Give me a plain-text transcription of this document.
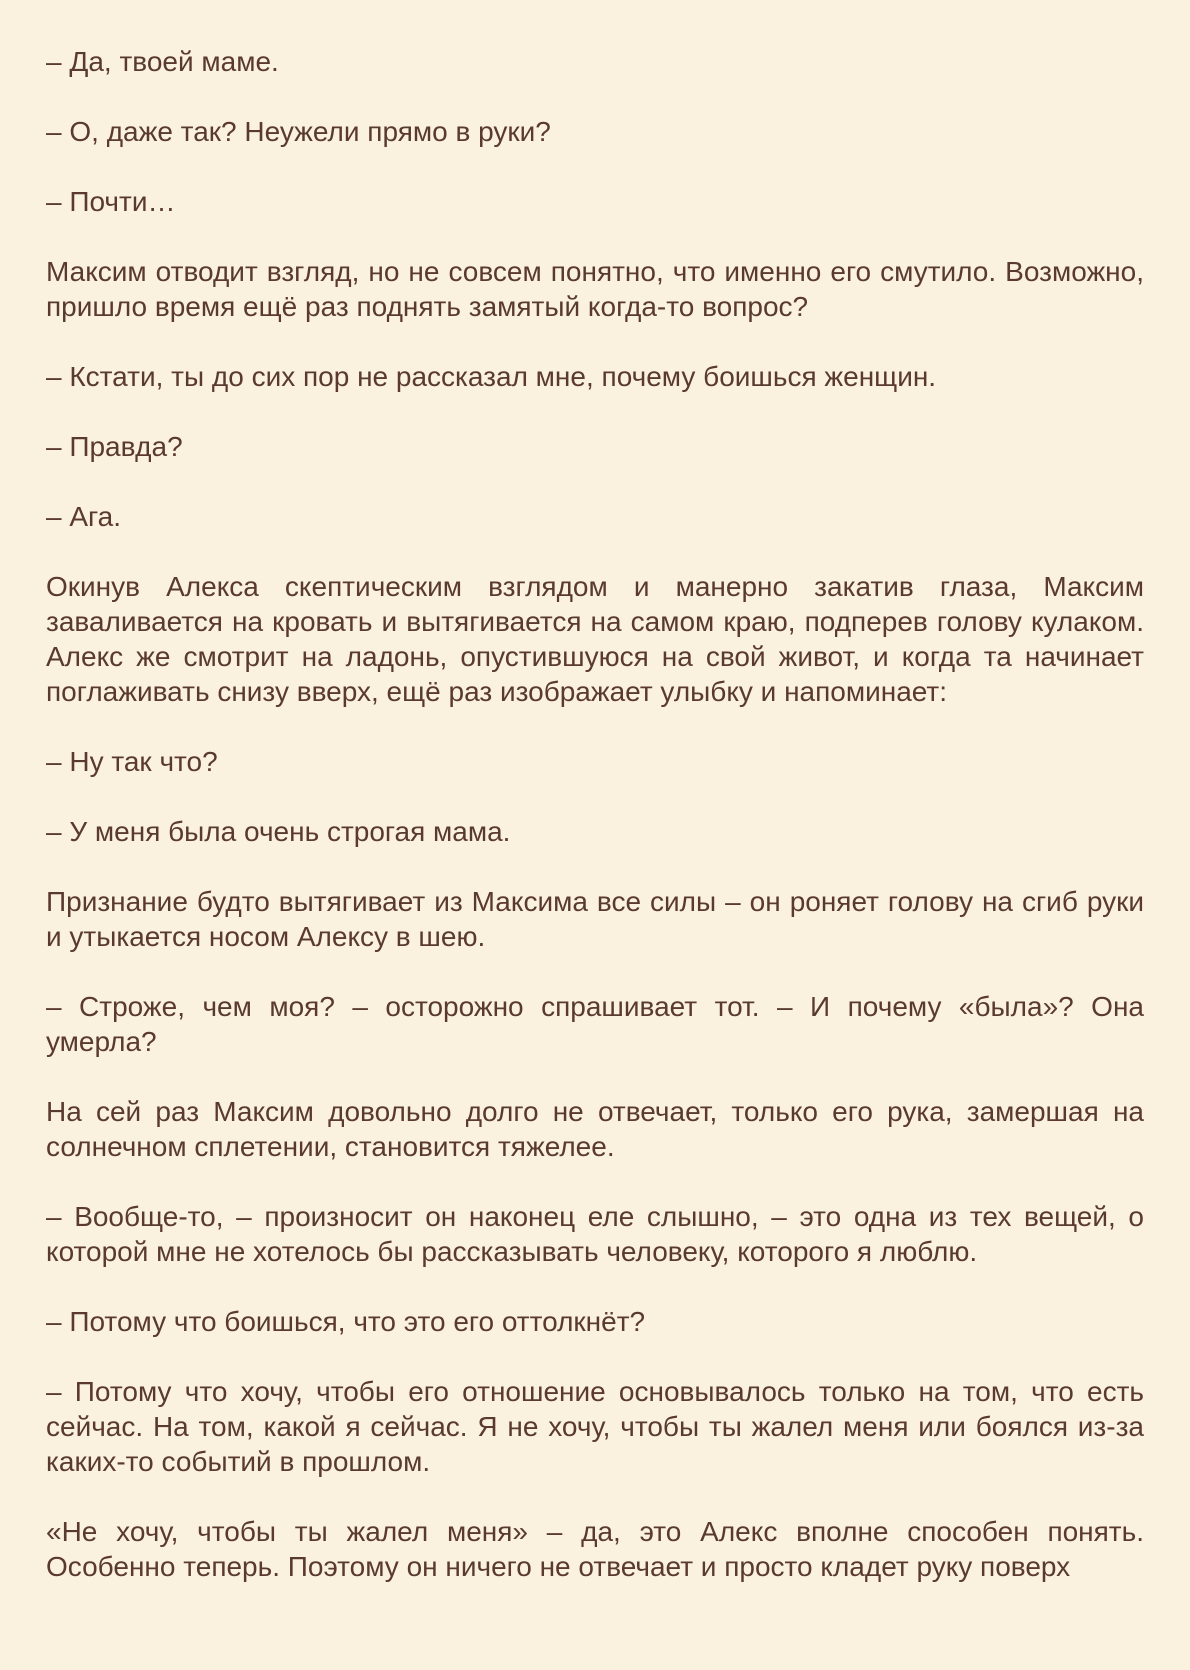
– Да, твоей маме.

– О, даже так? Неужели прямо в руки?

– Почти…

Максим отводит взгляд, но не совсем понятно, что именно его смутило. Возможно, пришло время ещё раз поднять замятый когда-то вопрос?

– Кстати, ты до сих пор не рассказал мне, почему боишься женщин.

– Правда?

– Ага.

Окинув Алекса скептическим взглядом и манерно закатив глаза, Максим заваливается на кровать и вытягивается на самом краю, подперев голову кулаком. Алекс же смотрит на ладонь, опустившуюся на свой живот, и когда та начинает поглаживать снизу вверх, ещё раз изображает улыбку и напоминает:

– Ну так что?

– У меня была очень строгая мама.

Признание будто вытягивает из Максима все силы – он роняет голову на сгиб руки и утыкается носом Алексу в шею.

– Строже, чем моя? – осторожно спрашивает тот. – И почему «была»? Она умерла?

На сей раз Максим довольно долго не отвечает, только его рука, замершая на солнечном сплетении, становится тяжелее.

– Вообще-то, – произносит он наконец еле слышно, – это одна из тех вещей, о которой мне не хотелось бы рассказывать человеку, которого я люблю.

– Потому что боишься, что это его оттолкнёт?

– Потому что хочу, чтобы его отношение основывалось только на том, что есть сейчас. На том, какой я сейчас. Я не хочу, чтобы ты жалел меня или боялся из-за каких-то событий в прошлом.

«Не хочу, чтобы ты жалел меня» – да, это Алекс вполне способен понять. Особенно теперь. Поэтому он ничего не отвечает и просто кладет руку поверх
